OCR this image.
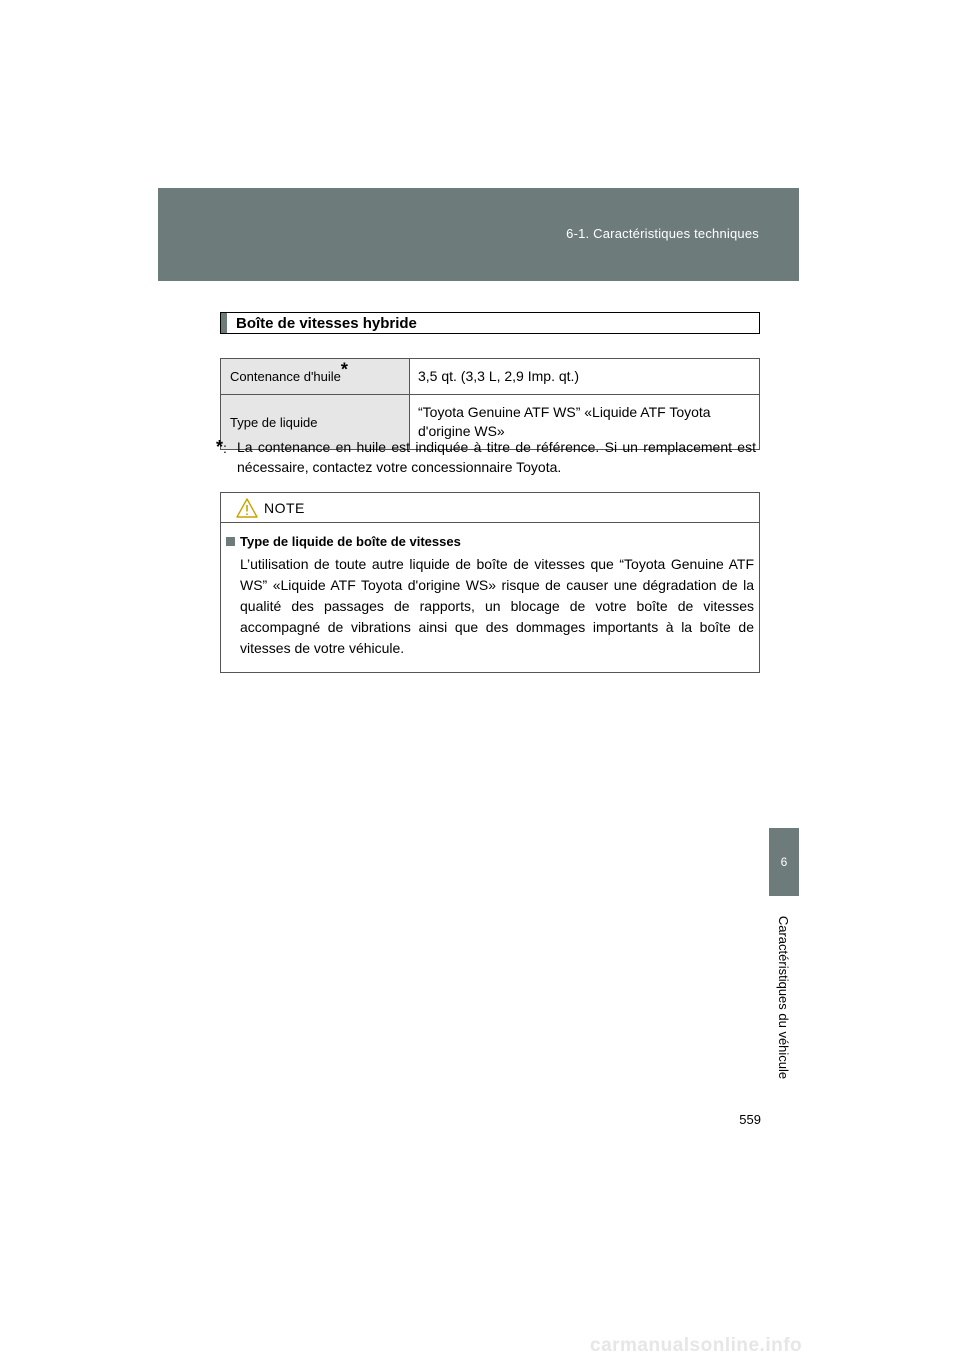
6-1. Caractéristiques techniques
6
Caractéristiques du véhicule
559
Boîte de vitesses hybride
Contenance d'huile*	3,5 qt. (3,3 L, 2,9 Imp. qt.)
Type de liquide	“Toyota Genuine ATF WS” «Liquide ATF Toyota d'origine WS»
*: La contenance en huile est indiquée à titre de référence. Si un remplacement est nécessaire, contactez votre concessionnaire Toyota.
NOTE
Type de liquide de boîte de vitesses
L’utilisation de toute autre liquide de boîte de vitesses que “Toyota Genuine ATF WS” «Liquide ATF Toyota d'origine WS» risque de causer une dégradation de la qualité des passages de rapports, un blocage de votre boîte de vitesses accompagné de vibrations ainsi que des dommages importants à la boîte de vitesses de votre véhicule.
carmanualsonline.info
